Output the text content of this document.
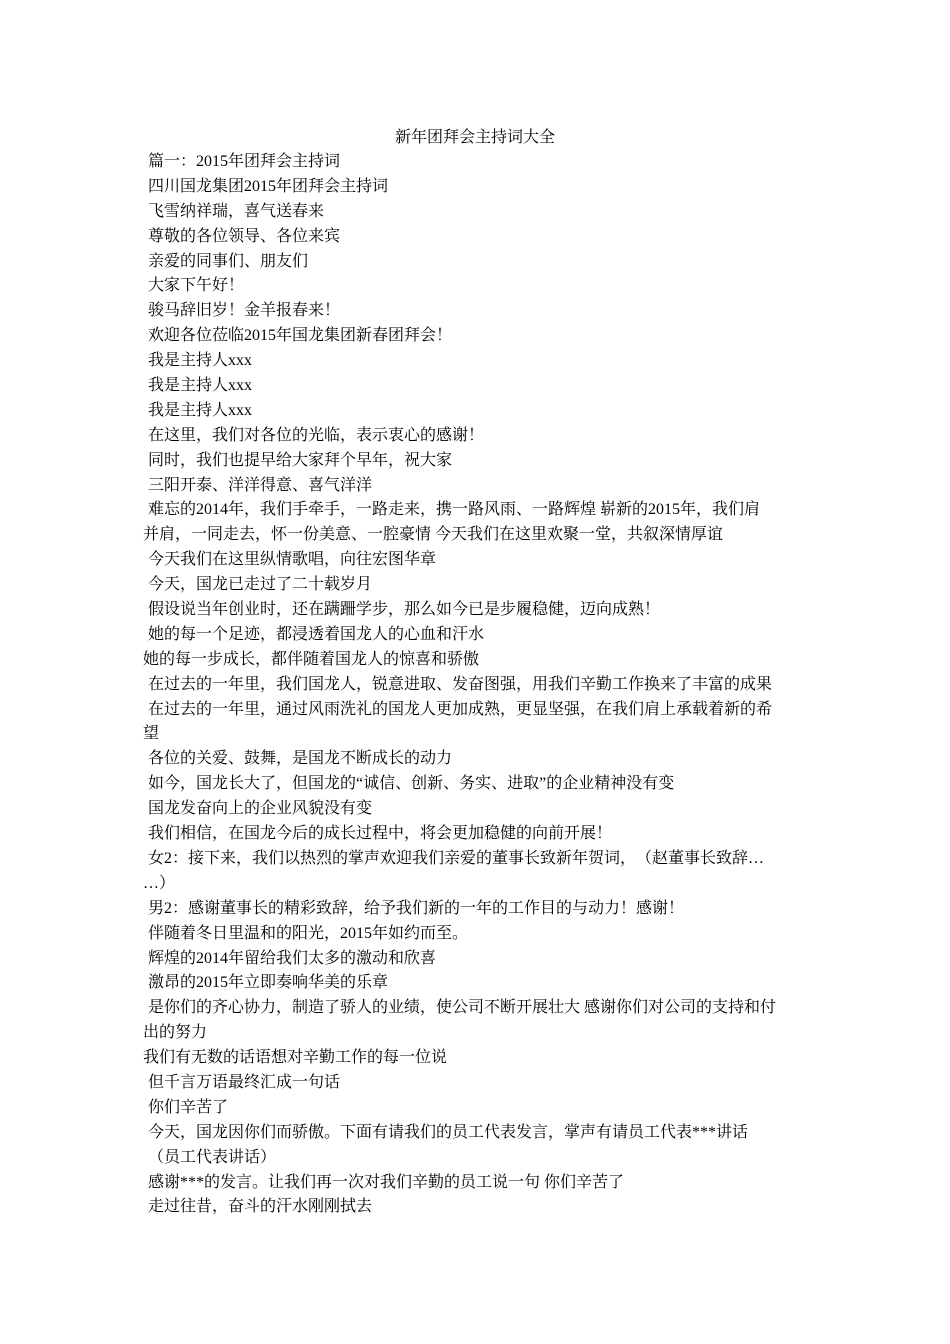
新年团拜会主持词大全
篇一：2015年团拜会主持词
四川国龙集团2015年团拜会主持词
飞雪纳祥瑞，喜气送春来
尊敬的各位领导、各位来宾
亲爱的同事们、朋友们
大家下午好！
骏马辞旧岁！金羊报春来！
欢迎各位莅临2015年国龙集团新春团拜会！
我是主持人xxx
我是主持人xxx
我是主持人xxx
在这里，我们对各位的光临，表示衷心的感谢！
同时，我们也提早给大家拜个早年，祝大家
三阳开泰、洋洋得意、喜气洋洋
难忘的2014年，我们手牵手，一路走来，携一路风雨、一路辉煌 崭新的2015年，我们肩
并肩，一同走去，怀一份美意、一腔豪情 今天我们在这里欢聚一堂，共叙深情厚谊
今天我们在这里纵情歌唱，向往宏图华章
今天，国龙已走过了二十载岁月
假设说当年创业时，还在蹒跚学步，那么如今已是步履稳健，迈向成熟！
她的每一个足迹，都浸透着国龙人的心血和汗水
她的每一步成长，都伴随着国龙人的惊喜和骄傲
在过去的一年里，我们国龙人，锐意进取、发奋图强，用我们辛勤工作换来了丰富的成果
在过去的一年里，通过风雨洗礼的国龙人更加成熟，更显坚强，在我们肩上承载着新的希
望
各位的关爱、鼓舞，是国龙不断成长的动力
如今，国龙长大了，但国龙的“诚信、创新、务实、进取”的企业精神没有变
国龙发奋向上的企业风貌没有变
我们相信，在国龙今后的成长过程中，将会更加稳健的向前开展！
女2：接下来，我们以热烈的掌声欢迎我们亲爱的董事长致新年贺词，　（赵董事长致辞…
…）
男2：感谢董事长的精彩致辞，给予我们新的一年的工作目的与动力！感谢！
伴随着冬日里温和的阳光，2015年如约而至。
辉煌的2014年留给我们太多的激动和欣喜
激昂的2015年立即奏响华美的乐章
是你们的齐心协力，制造了骄人的业绩，使公司不断开展壮大 感谢你们对公司的支持和付
出的努力
我们有无数的话语想对辛勤工作的每一位说
但千言万语最终汇成一句话
你们辛苦了
今天，国龙因你们而骄傲。下面有请我们的员工代表发言，掌声有请员工代表***讲话
（员工代表讲话）
感谢***的发言。让我们再一次对我们辛勤的员工说一句 你们辛苦了
走过往昔，奋斗的汗水刚刚拭去
